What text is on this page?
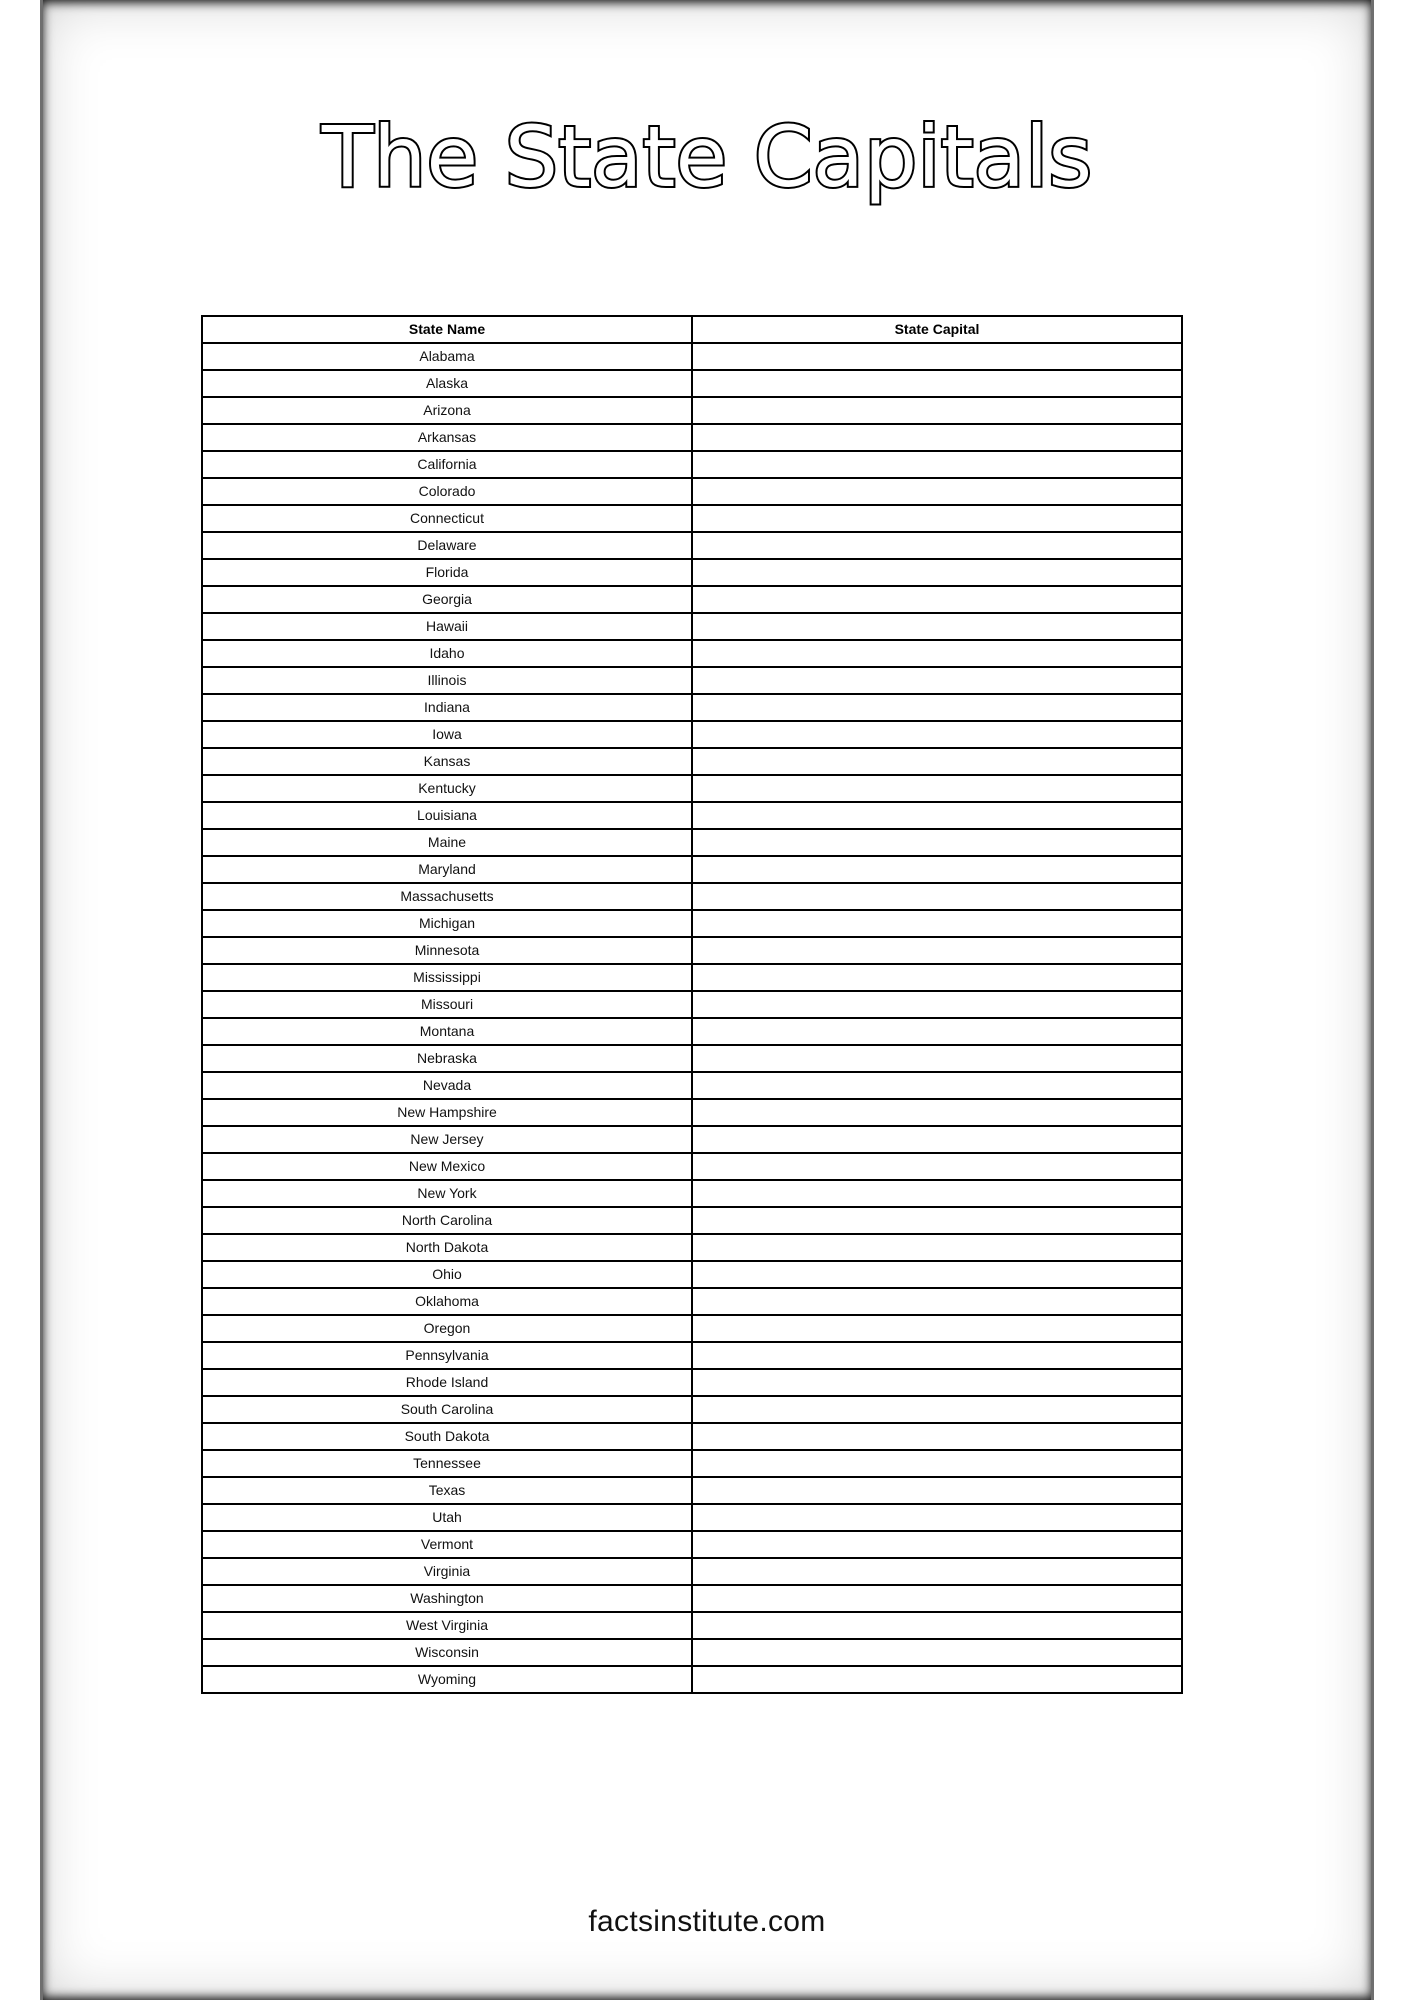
The State Capitals
State Name	State Capital
Alabama	
Alaska	
Arizona	
Arkansas	
California	
Colorado	
Connecticut	
Delaware	
Florida	
Georgia	
Hawaii	
Idaho	
Illinois	
Indiana	
Iowa	
Kansas	
Kentucky	
Louisiana	
Maine	
Maryland	
Massachusetts	
Michigan	
Minnesota	
Mississippi	
Missouri	
Montana	
Nebraska	
Nevada	
New Hampshire	
New Jersey	
New Mexico	
New York	
North Carolina	
North Dakota	
Ohio	
Oklahoma	
Oregon	
Pennsylvania	
Rhode Island	
South Carolina	
South Dakota	
Tennessee	
Texas	
Utah	
Vermont	
Virginia	
Washington	
West Virginia	
Wisconsin	
Wyoming	
factsinstitute.com
